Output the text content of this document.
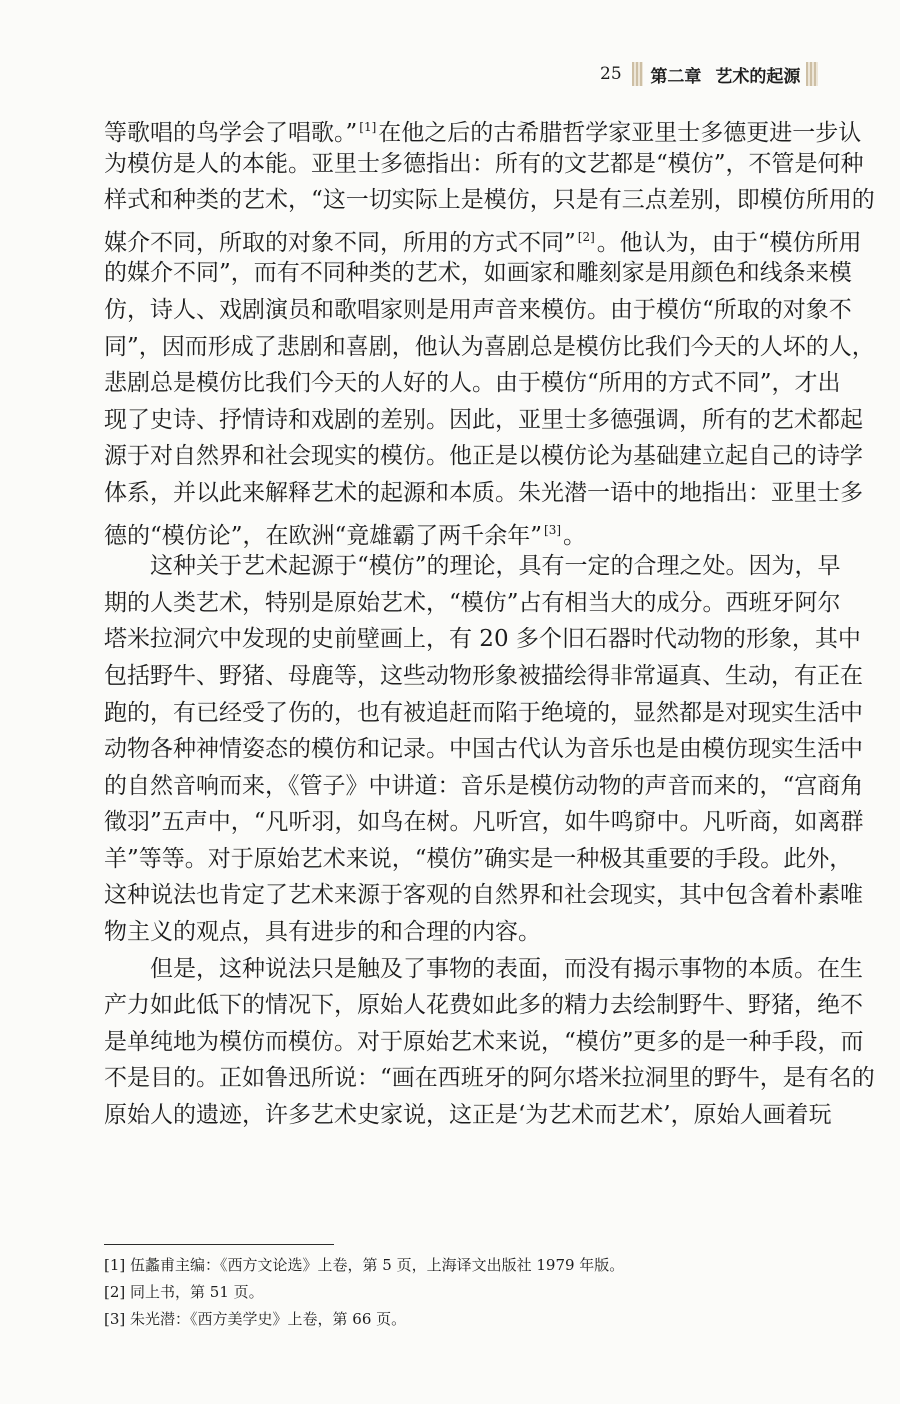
25	第二章 艺术的起源
等歌唱的鸟学会了唱歌。” [1]在他之后的古希腊哲学家亚里士多德更进一步认
为模仿是人的本能。亚里士多德指出：所有的文艺都是“模仿”，不管是何种
样式和种类的艺术，“这一切实际上是模仿，只是有三点差别，即模仿所用的
媒介不同，所取的对象不同，所用的方式不同” [2]。他认为，由于“模仿所用
的媒介不同”，而有不同种类的艺术，如画家和雕刻家是用颜色和线条来模
仿，诗人、戏剧演员和歌唱家则是用声音来模仿。由于模仿“所取的对象不
同”，因而形成了悲剧和喜剧，他认为喜剧总是模仿比我们今天的人坏的人，
悲剧总是模仿比我们今天的人好的人。由于模仿“所用的方式不同”，才出
现了史诗、抒情诗和戏剧的差别。因此，亚里士多德强调，所有的艺术都起
源于对自然界和社会现实的模仿。他正是以模仿论为基础建立起自己的诗学
体系，并以此来解释艺术的起源和本质。朱光潜一语中的地指出：亚里士多
德的“模仿论”，在欧洲“竟雄霸了两千余年” [3]。
这种关于艺术起源于“模仿”的理论，具有一定的合理之处。因为，早
期的人类艺术，特别是原始艺术，“模仿”占有相当大的成分。西班牙阿尔
塔米拉洞穴中发现的史前壁画上，有 20 多个旧石器时代动物的形象，其中
包括野牛、野猪、母鹿等，这些动物形象被描绘得非常逼真、生动，有正在
跑的，有已经受了伤的，也有被追赶而陷于绝境的，显然都是对现实生活中
动物各种神情姿态的模仿和记录。中国古代认为音乐也是由模仿现实生活中
的自然音响而来，《管子》中讲道：音乐是模仿动物的声音而来的，“宫商角
徵羽”五声中，“凡听羽，如鸟在树。凡听宫，如牛鸣窌中。凡听商，如离群
羊”等等。对于原始艺术来说，“模仿”确实是一种极其重要的手段。此外，
这种说法也肯定了艺术来源于客观的自然界和社会现实，其中包含着朴素唯
物主义的观点，具有进步的和合理的内容。
但是，这种说法只是触及了事物的表面，而没有揭示事物的本质。在生
产力如此低下的情况下，原始人花费如此多的精力去绘制野牛、野猪，绝不
是单纯地为模仿而模仿。对于原始艺术来说，“模仿”更多的是一种手段，而
不是目的。正如鲁迅所说：“画在西班牙的阿尔塔米拉洞里的野牛，是有名的
原始人的遗迹，许多艺术史家说，这正是‘为艺术而艺术’，原始人画着玩
[1] 伍蠡甫主编：《西方文论选》上卷，第 5 页，上海译文出版社 1979 年版。
[2] 同上书，第 51 页。
[3] 朱光潜：《西方美学史》上卷，第 66 页。
